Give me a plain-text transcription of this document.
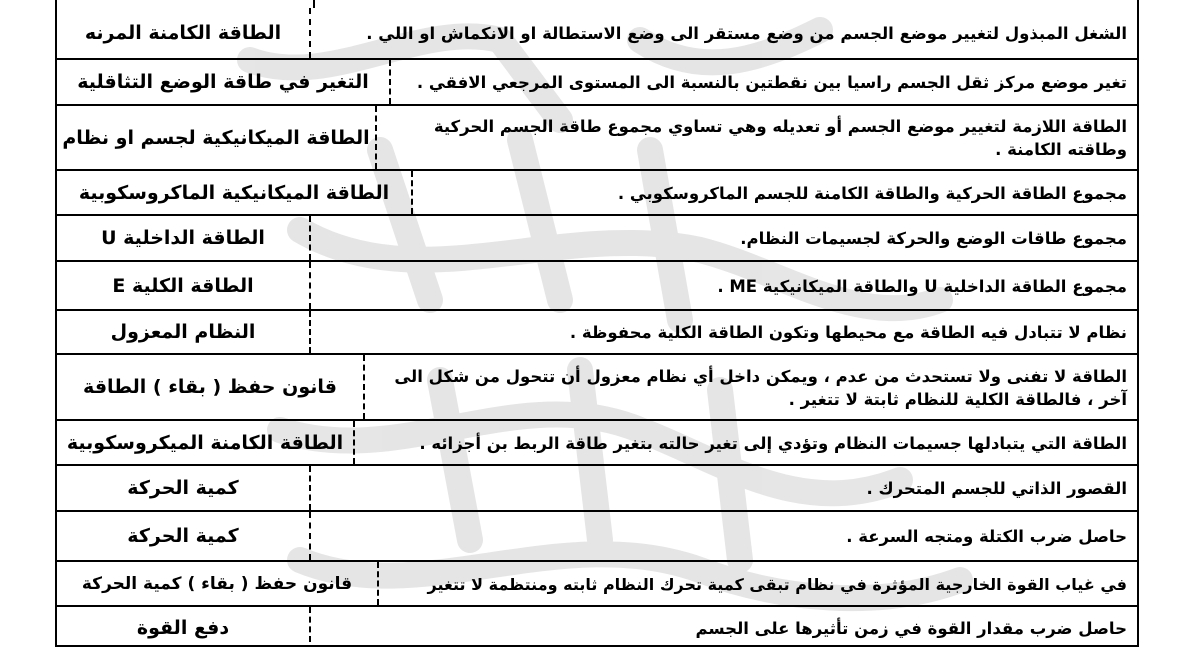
الشغل المبذول لتغيير موضع الجسم من وضع مستقر الى وضع الاستطالة او الانكماش او اللي .
الطاقة الكامنة المرنه
تغير موضع مركز ثقل الجسم راسيا بين نقطتين بالنسبة الى المستوى المرجعي الافقي .
التغير في طاقة الوضع التثاقلية
الطاقة اللازمة لتغيير موضع الجسم أو تعديله وهي تساوي مجموع طاقة الجسم الحركية وطاقته الكامنة .
الطاقة الميكانيكية لجسم او نظام
مجموع الطاقة الحركية والطاقة الكامنة للجسم الماكروسكوبي .
الطاقة الميكانيكية الماكروسكوبية
مجموع طاقات الوضع والحركة لجسيمات النظام.
الطاقة الداخلية U
مجموع الطاقة الداخلية U والطاقة الميكانيكية ME .
الطاقة الكلية E
نظام لا تتبادل فيه الطاقة مع محيطها وتكون الطاقة الكلية محفوظة .
النظام المعزول
الطاقة لا تفنى ولا تستحدث من عدم ، ويمكن داخل أي نظام معزول أن تتحول من شكل الى آخر ، فالطاقة الكلية للنظام ثابتة لا تتغير .
قانون حفظ ( بقاء ) الطاقة
الطاقة التي يتبادلها جسيمات النظام وتؤدي إلى تغير حالته بتغير طاقة الربط بن أجزائه .
الطاقة الكامنة الميكروسكوبية
القصور الذاتي للجسم المتحرك .
كمية الحركة
حاصل ضرب الكتلة ومتجه السرعة .
كمية الحركة
في غياب القوة الخارجية المؤثرة في نظام تبقى كمية تحرك النظام ثابته ومنتظمة لا تتغير
قانون حفظ ( بقاء ) كمية الحركة
حاصل ضرب مقدار القوة في زمن تأثيرها على الجسم
دفع القوة
